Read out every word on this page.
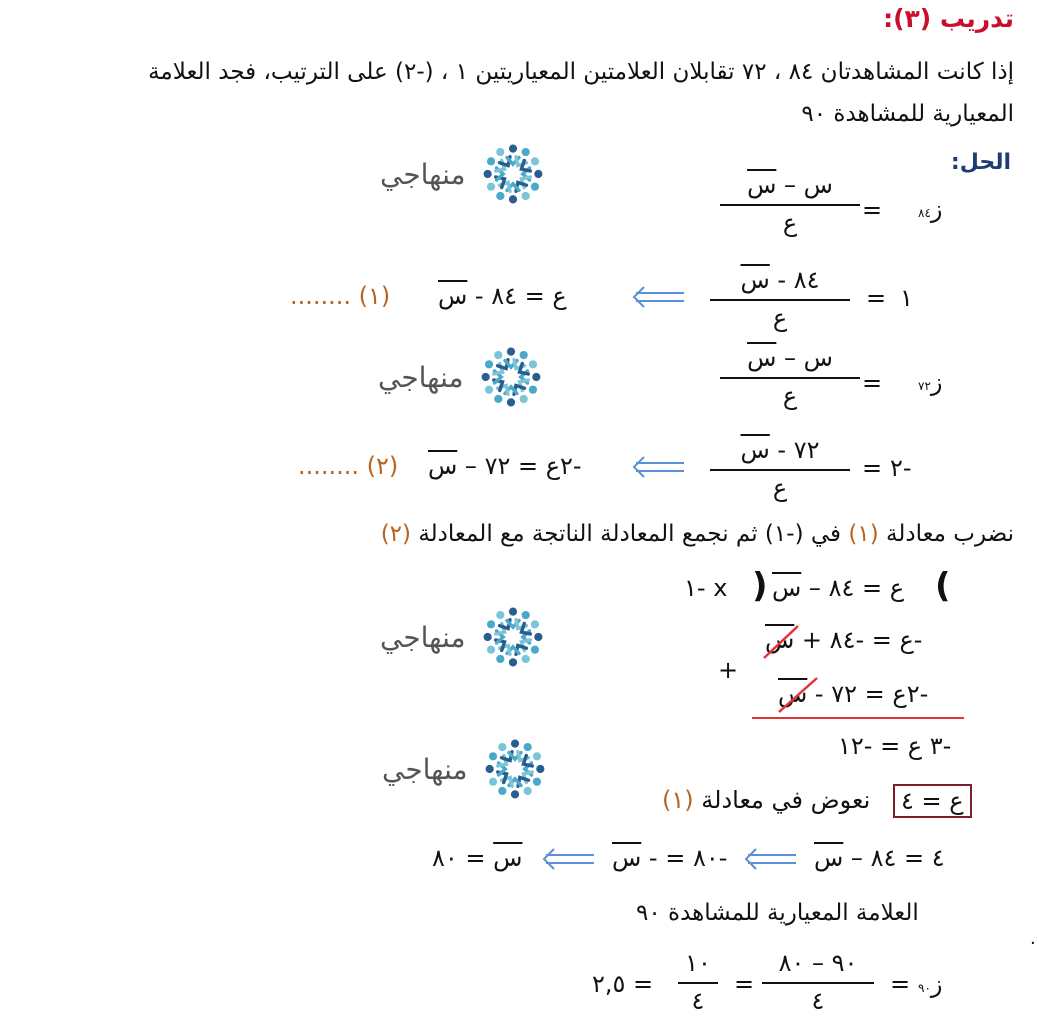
تدريب (٣):
إذا كانت المشاهدتان ٨٤ ، ٧٢ تقابلان العلامتين المعياريتين ١ ، (-٢) على الترتيب، فجد العلامة
المعيارية للمشاهدة ٩٠
الحل:
منهاجي
ز٨٤
=
س – س
ع
١
=
٨٤ - س
ع
ع = ٨٤ - س
(١) ........
منهاجي	ز٧٢
=
س – س
ع
-٢
=
٧٢ - س
ع
-٢ع = ٧٢ – س
(٢) ........
نضرب معادلة (١) في (-١) ثم نجمع المعادلة الناتجة مع المعادلة (٢)
(
ع = ٨٤ – س
)
x -١
منهاجي	-ع = -٨٤ + س
+
-٢ع = ٧٢ - س
-٣ ع = -١٢
منهاجي
ع = ٤
نعوض في معادلة (١)
٤ = ٨٤ – س
-٨٠ = - س
س = ٨٠
العلامة المعيارية للمشاهدة ٩٠
ز٩٠
=
٩٠ – ٨٠
٤
=
١٠
٤
= ٢,٥
.
